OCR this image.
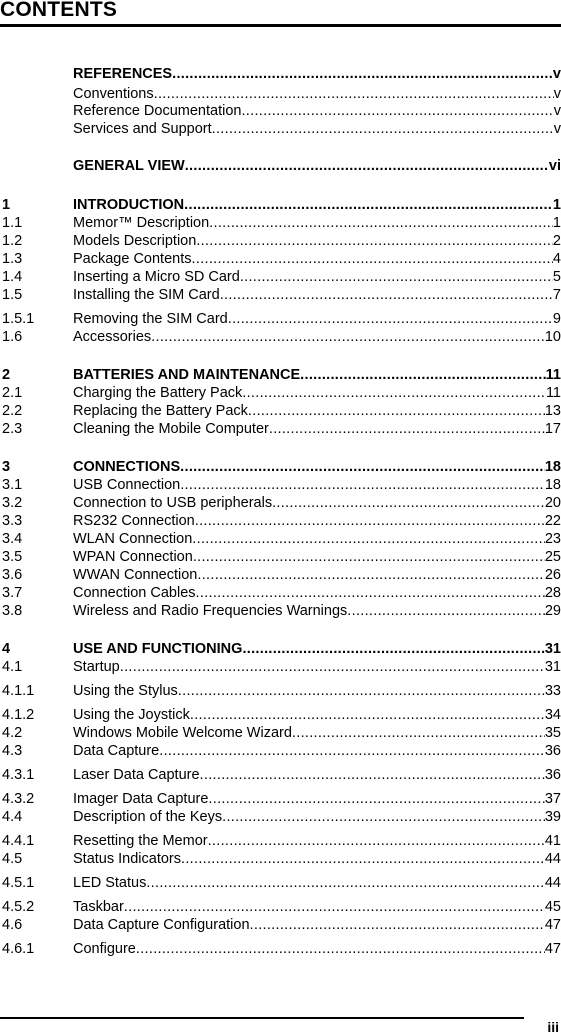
CONTENTS
REFERENCES .....	v
Conventions .....	v
Reference Documentation .....	v
Services and Support .....	v
GENERAL VIEW .....	vi
1	INTRODUCTION .....	1
1.1	Memor™ Description .....	1
1.2	Models Description .....	2
1.3	Package Contents .....	4
1.4	Inserting a Micro SD Card .....	5
1.5	Installing the SIM Card .....	7
1.5.1	Removing the SIM Card .....	9
1.6	Accessories .....	10
2	BATTERIES AND MAINTENANCE .....	11
2.1	Charging the Battery Pack .....	11
2.2	Replacing the Battery Pack .....	13
2.3	Cleaning the Mobile Computer .....	17
3	CONNECTIONS .....	18
3.1	USB Connection .....	18
3.2	Connection to USB peripherals .....	20
3.3	RS232 Connection .....	22
3.4	WLAN Connection .....	23
3.5	WPAN Connection .....	25
3.6	WWAN Connection .....	26
3.7	Connection Cables .....	28
3.8	Wireless and Radio Frequencies Warnings .....	29
4	USE AND FUNCTIONING .....	31
4.1	Startup .....	31
4.1.1	Using the Stylus .....	33
4.1.2	Using the Joystick .....	34
4.2	Windows Mobile Welcome Wizard .....	35
4.3	Data Capture .....	36
4.3.1	Laser Data Capture .....	36
4.3.2	Imager Data Capture .....	37
4.4	Description of the Keys .....	39
4.4.1	Resetting the Memor .....	41
4.5	Status Indicators .....	44
4.5.1	LED Status .....	44
4.5.2	Taskbar .....	45
4.6	Data Capture Configuration .....	47
4.6.1	Configure .....	47
iii
